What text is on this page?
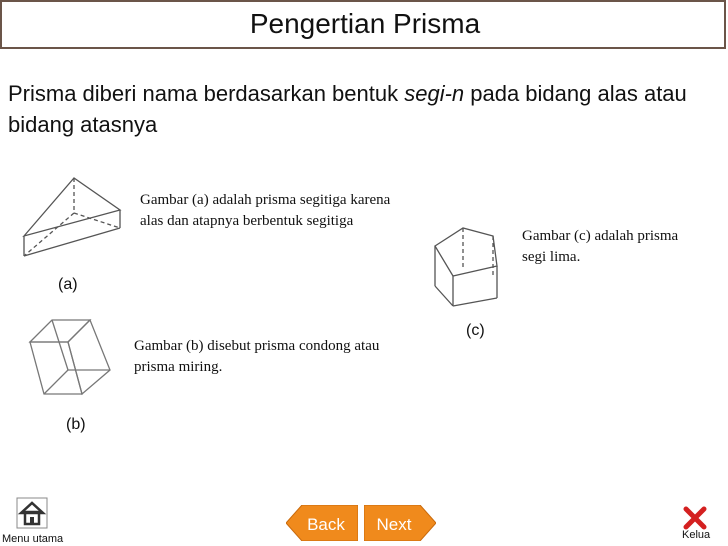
Pengertian Prisma
Prisma diberi nama berdasarkan bentuk segi-n pada bidang alas atau bidang atasnya
(a)
Gambar (a) adalah prisma segitiga karena alas dan atapnya berbentuk segitiga
(b)
Gambar (b) disebut prisma condong atau prisma miring.
(c)
Gambar (c) adalah prisma segi lima.
Menu utama
Back	Next
Kelua
